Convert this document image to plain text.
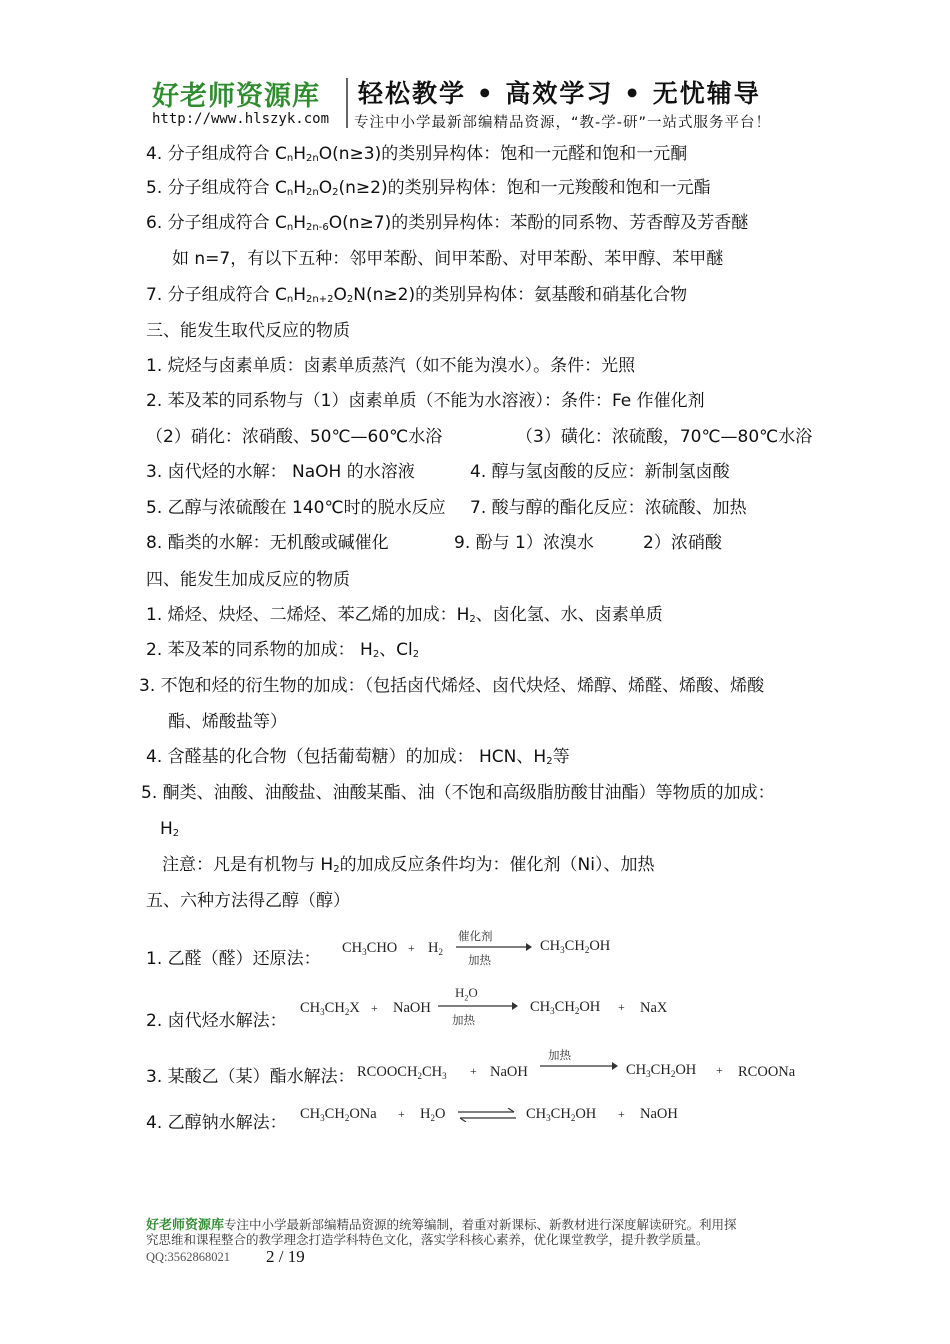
好老师资源库 轻松教学 • 高效学习 • 无忧辅导
http://www.hlszyk.com 专注中小学最新部编精品资源，“教-学-研”一站式服务平台！
4. 分子组成符合 $C_nH_{2n}O(n\ge 3)$的类别异构体：饱和一元醛和饱和一元酮
5. 分子组成符合 $C_nH_{2n}O_2(n\ge 2)$的类别异构体：饱和一元羧酸和饱和一元酯
6. 分子组成符合 $C_nH_{2n-6}O(n\ge 7)$的类别异构体：苯酚的同系物、芳香醇及芳香醚
如 n=7，有以下五种：邻甲苯酚、间甲苯酚、对甲苯酚、苯甲醇、苯甲醚
7. 分子组成符合 $C_nH_{2n+2}O_2N(n\ge 2)$的类别异构体：氨基酸和硝基化合物
三、能发生取代反应的物质
1. 烷烃与卤素单质：卤素单质蒸汽（如不能为溴水）。条件：光照
2. 苯及苯的同系物与（1）卤素单质（不能为水溶液）：条件：Fe 作催化剂
（2）硝化：浓硝酸、50℃—60℃水浴	（3）磺化：浓硫酸，70℃—80℃水浴
3. 卤代烃的水解： NaOH 的水溶液	4. 醇与氢卤酸的反应：新制氢卤酸
5. 乙醇与浓硫酸在 140℃时的脱水反应 7. 酸与醇的酯化反应：浓硫酸、加热
8. 酯类的水解：无机酸或碱催化	9. 酚与 1）浓溴水	2）浓硝酸
四、能发生加成反应的物质
1. 烯烃、炔烃、二烯烃、苯乙烯的加成：$H_2$、卤化氢、水、卤素单质
2. 苯及苯的同系物的加成： $H_2$、$Cl_2$
3. 不饱和烃的衍生物的加成：（包括卤代烯烃、卤代炔烃、烯醇、烯醛、烯酸、烯酸
酯、烯酸盐等）
4. 含醛基的化合物（包括葡萄糖）的加成： HCN、$H_2$等
5. 酮类、油酸、油酸盐、油酸某酯、油（不饱和高级脂肪酸甘油酯）等物质的加成：
$H_2$
注意：凡是有机物与 $H_2$的加成反应条件均为：催化剂（Ni）、加热
五、六种方法得乙醇（醇）
1. 乙醛（醛）还原法：
$CH_3CHO + H_2$
催化剂
加热
$CH_3CH_2OH$
2. 卤代烃水解法：
$CH_3CH_2X$ + NaOH
$H_2O$
加热
$CH_3CH_2OH$ + NaX
3. 某酸乙（某）酯水解法： $RCOOCH_2CH_3$ + NaOH
加热
$CH_3CH_2OH$ + RCOONa
4. 乙醇钠水解法： $CH_3CH_2ONa + H_2O$	$CH_3CH_2OH$ + NaOH
好老师资源库专注中小学最新部编精品资源的统筹编制，着重对新课标、新教材进行深度解读研究。利用探
究思维和课程整合的教学理念打造学科特色文化，落实学科核心素养，优化课堂教学，提升教学质量。
QQ:3562868021 2 / 19
